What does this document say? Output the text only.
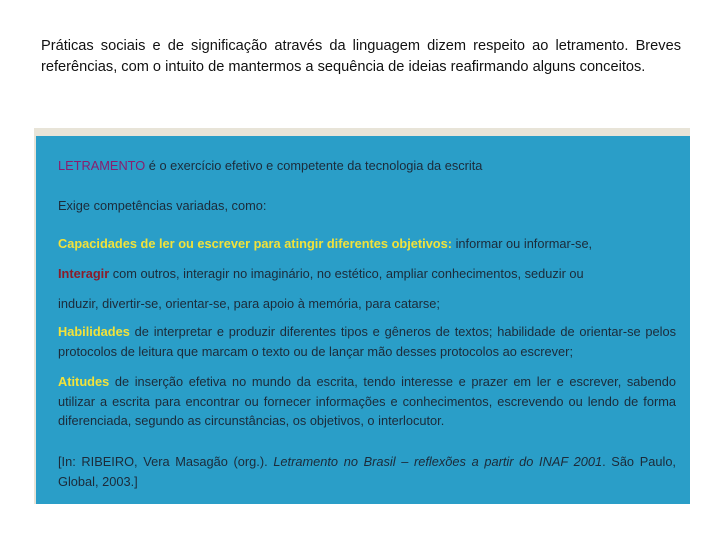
Práticas sociais e de significação através da linguagem dizem respeito ao letramento. Breves referências, com o intuito de mantermos a sequência de ideias reafirmando alguns conceitos.

LETRAMENTO é o exercício efetivo e competente da tecnologia da escrita
Exige competências variadas, como:
Capacidades de ler ou escrever para atingir diferentes objetivos: informar ou informar-se,
Interagir com outros, interagir no imaginário, no estético, ampliar conhecimentos, seduzir ou
induzir, divertir-se, orientar-se, para apoio à memória, para catarse;
Habilidades de interpretar e produzir diferentes tipos e gêneros de textos; habilidade de orientar-se pelos protocolos de leitura que marcam o texto ou de lançar mão desses protocolos ao escrever;
Atitudes de inserção efetiva no mundo da escrita, tendo interesse e prazer em ler e escrever, sabendo utilizar a escrita para encontrar ou fornecer informações e conhecimentos, escrevendo ou lendo de forma diferenciada, segundo as circunstâncias, os objetivos, o interlocutor.
[In: RIBEIRO, Vera Masagão (org.). Letramento no Brasil – reflexões a partir do INAF 2001. São Paulo, Global, 2003.]
